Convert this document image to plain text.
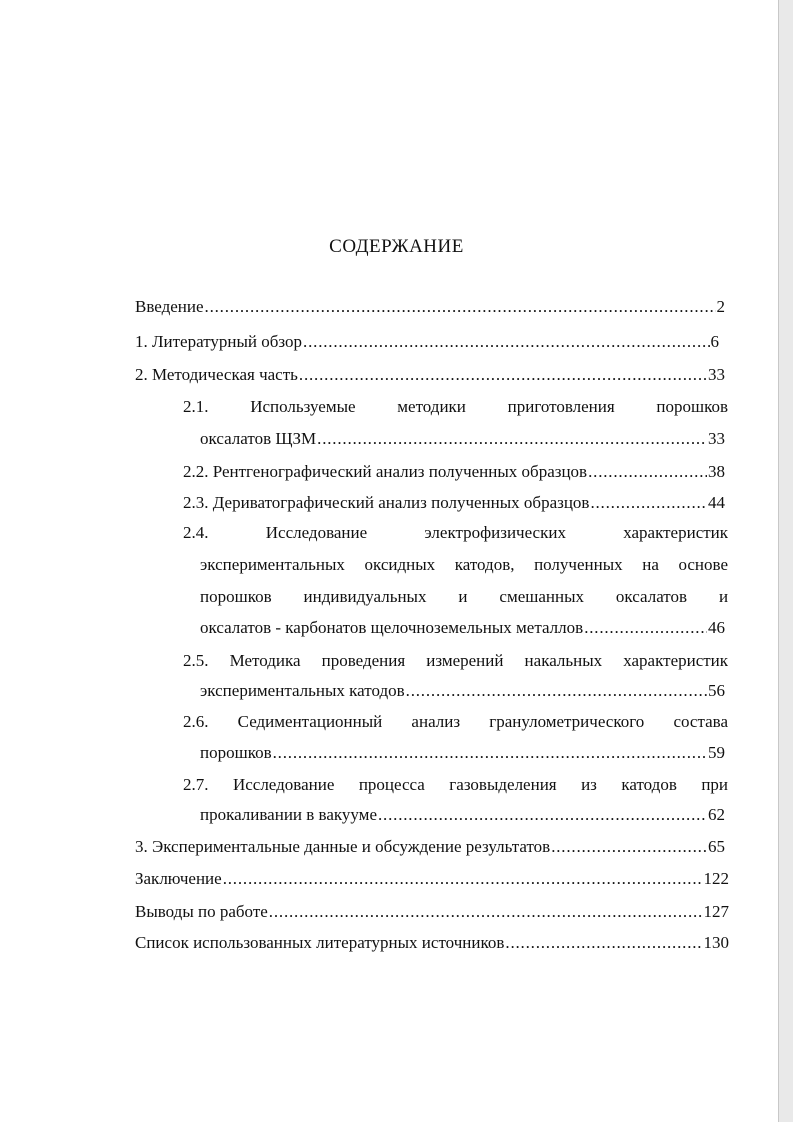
СОДЕРЖАНИЕ
Введение .....	2
1. Литературный обзор .....	6
2. Методическая часть .....	33
2.1. Используемые методики приготовления порошков
оксалатов ЩЗМ .....	33
2.2. Рентгенографический анализ полученных образцов .....	38
2.3. Дериватографический анализ полученных образцов .....	44
2.4.	Исследование	электрофизических	характеристик
экспериментальных оксидных катодов, полученных на основе
порошков индивидуальных и смешанных оксалатов и
оксалатов - карбонатов щелочноземельных металлов .....	46
2.5. Методика проведения измерений накальных характеристик
экспериментальных катодов .....	56
2.6. Седиментационный анализ гранулометрического состава
порошков .....	59
2.7. Исследование процесса газовыделения из катодов при
прокаливании в вакууме .....	62
3. Экспериментальные данные и обсуждение результатов .....	65
Заключение .....	122
Выводы по работе .....	127
Список использованных литературных источников .....	130
